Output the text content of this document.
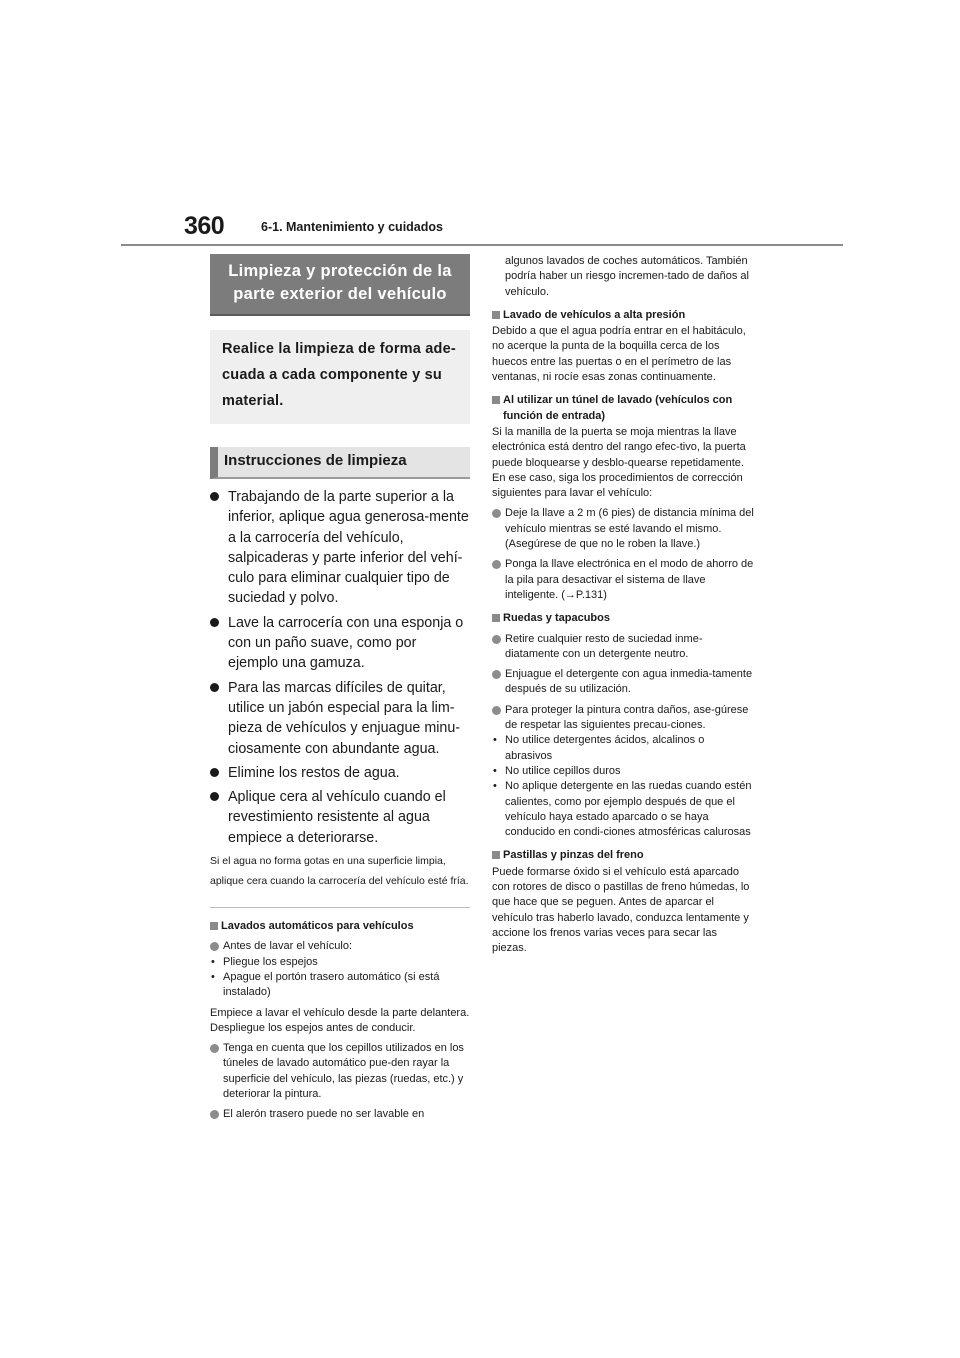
360	6-1. Mantenimiento y cuidados
Limpieza y protección de la
parte exterior del vehículo
Realice la limpieza de forma ade-
cuada a cada componente y su
material.
Instrucciones de limpieza
Trabajando de la parte superior a la inferior, aplique agua generosa-mente a la carrocería del vehículo, salpicaderas y parte inferior del vehí-culo para eliminar cualquier tipo de suciedad y polvo.
Lave la carrocería con una esponja o con un paño suave, como por ejemplo una gamuza.
Para las marcas difíciles de quitar, utilice un jabón especial para la lim-pieza de vehículos y enjuague minu-ciosamente con abundante agua.
Elimine los restos de agua.
Aplique cera al vehículo cuando el revestimiento resistente al agua empiece a deteriorarse.
Si el agua no forma gotas en una superficie limpia, aplique cera cuando la carrocería del vehículo esté fría.
Lavados automáticos para vehículos
Antes de lavar el vehículo:
• Pliegue los espejos
• Apague el portón trasero automático (si está instalado)
Empiece a lavar el vehículo desde la parte delantera. Despliegue los espejos antes de conducir.
Tenga en cuenta que los cepillos utilizados en los túneles de lavado automático pue-den rayar la superficie del vehículo, las piezas (ruedas, etc.) y deteriorar la pintura.
El alerón trasero puede no ser lavable en
algunos lavados de coches automáticos. También podría haber un riesgo incremen-tado de daños al vehículo.
Lavado de vehículos a alta presión
Debido a que el agua podría entrar en el habitáculo, no acerque la punta de la boquilla cerca de los huecos entre las puertas o en el perímetro de las ventanas, ni rocíe esas zonas continuamente.
Al utilizar un túnel de lavado (vehículos con función de entrada)
Si la manilla de la puerta se moja mientras la llave electrónica está dentro del rango efec-tivo, la puerta puede bloquearse y desblo-quearse repetidamente. En ese caso, siga los procedimientos de corrección siguientes para lavar el vehículo:
Deje la llave a 2 m (6 pies) de distancia mínima del vehículo mientras se esté lavando el mismo. (Asegúrese de que no le roben la llave.)
Ponga la llave electrónica en el modo de ahorro de la pila para desactivar el sistema de llave inteligente. (→P.131)
Ruedas y tapacubos
Retire cualquier resto de suciedad inme-diatamente con un detergente neutro.
Enjuague el detergente con agua inmedia-tamente después de su utilización.
Para proteger la pintura contra daños, ase-gúrese de respetar las siguientes precau-ciones.
• No utilice detergentes ácidos, alcalinos o abrasivos
• No utilice cepillos duros
• No aplique detergente en las ruedas cuando estén calientes, como por ejemplo después de que el vehículo haya estado aparcado o se haya conducido en condi-ciones atmosféricas calurosas
Pastillas y pinzas del freno
Puede formarse óxido si el vehículo está aparcado con rotores de disco o pastillas de freno húmedas, lo que hace que se peguen. Antes de aparcar el vehículo tras haberlo lavado, conduzca lentamente y accione los frenos varias veces para secar las piezas.
